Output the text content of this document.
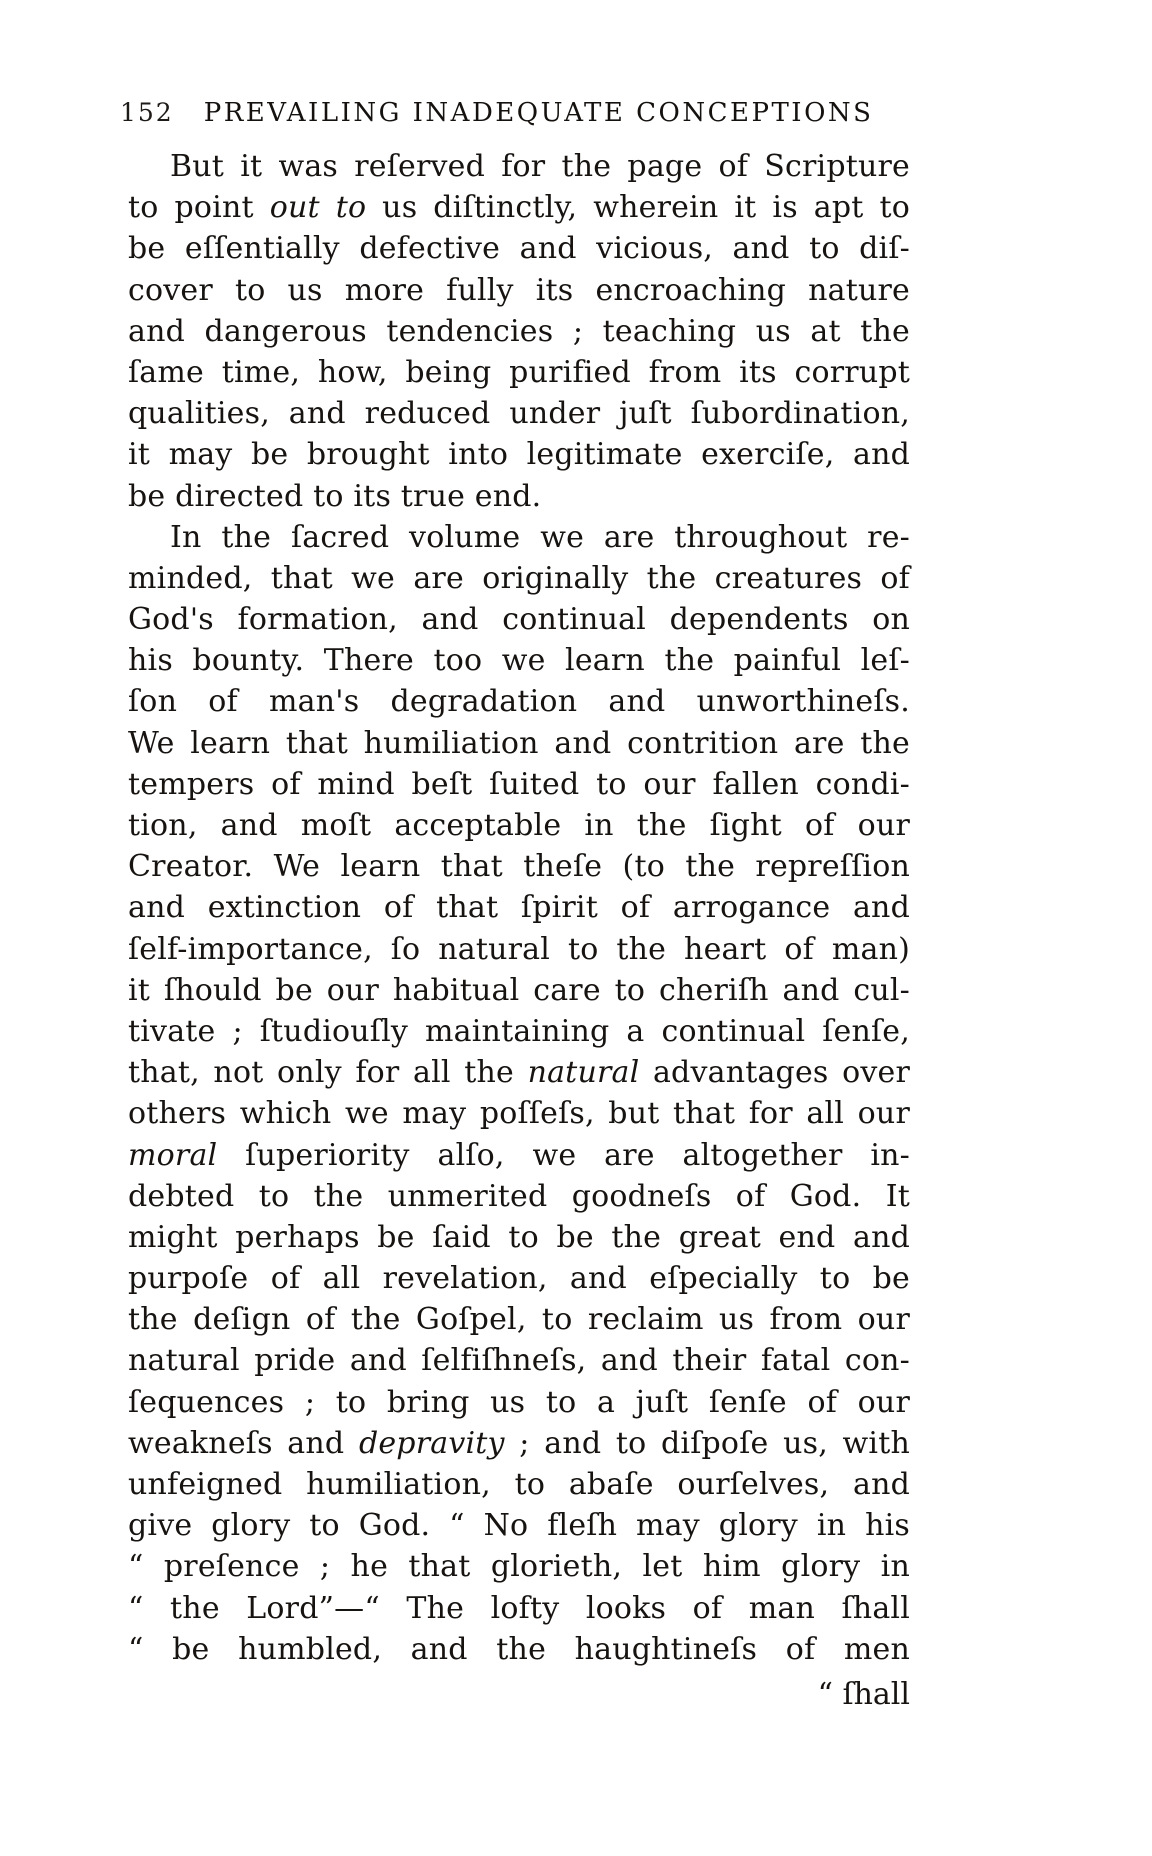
152 PREVAILING INADEQUATE CONCEPTIONS
But it was reſerved for the page of Scripture
to point out to us diſtinctly, wherein it is apt to
be eſſentially defective and vicious, and to diſ-
cover to us more fully its encroaching nature
and dangerous tendencies ; teaching us at the
ſame time, how, being purified from its corrupt
qualities, and reduced under juſt ſubordination,
it may be brought into legitimate exerciſe, and
be directed to its true end.
In the ſacred volume we are throughout re-
minded, that we are originally the creatures of
God's formation, and continual dependents on
his bounty. There too we learn the painful leſ-
ſon of man's degradation and unworthineſs.
We learn that humiliation and contrition are the
tempers of mind beſt ſuited to our fallen condi-
tion, and moſt acceptable in the ſight of our
Creator. We learn that theſe (to the repreſſion
and extinction of that ſpirit of arrogance and
ſelf-importance, ſo natural to the heart of man)
it ſhould be our habitual care to cheriſh and cul-
tivate ; ſtudiouſly maintaining a continual ſenſe,
that, not only for all the natural advantages over
others which we may poſſeſs, but that for all our
moral ſuperiority alſo, we are altogether in-
debted to the unmerited goodneſs of God. It
might perhaps be ſaid to be the great end and
purpoſe of all revelation, and eſpecially to be
the deſign of the Goſpel, to reclaim us from our
natural pride and ſelfiſhneſs, and their fatal con-
ſequences ; to bring us to a juſt ſenſe of our
weakneſs and depravity ; and to diſpoſe us, with
unfeigned humiliation, to abaſe ourſelves, and
give glory to God. “ No fleſh may glory in his
“ preſence ; he that glorieth, let him glory in
“ the Lord”—“ The lofty looks of man ſhall
“ be humbled, and the haughtineſs of men
“ ſhall
